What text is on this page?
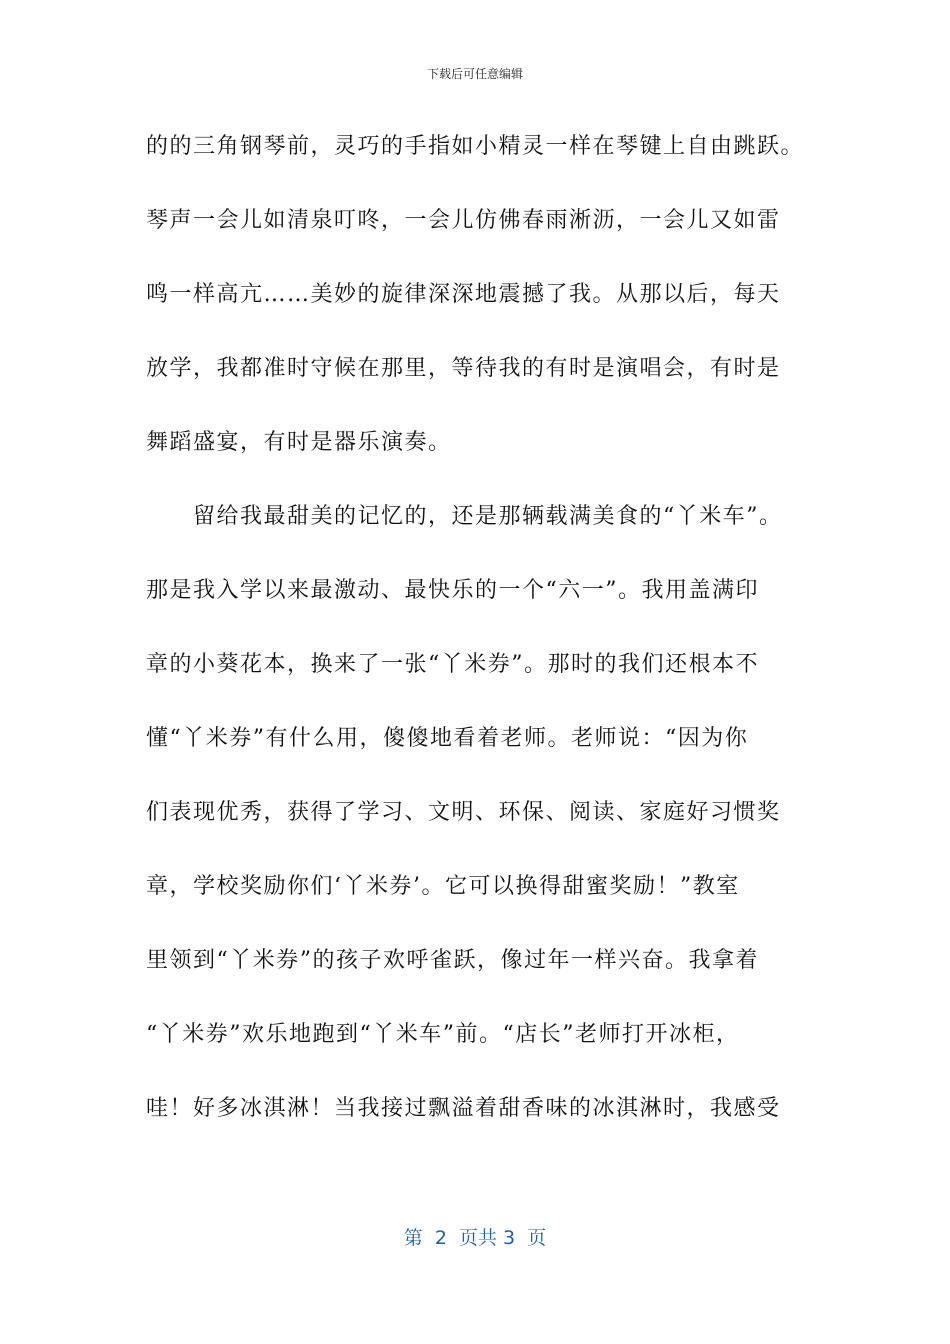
下载后可任意编辑
的的三角钢琴前，灵巧的手指如小精灵一样在琴键上自由跳跃。
琴声一会儿如清泉叮咚，一会儿仿佛春雨淅沥，一会儿又如雷
鸣一样高亢……美妙的旋律深深地震撼了我。从那以后，每天
放学，我都准时守候在那里，等待我的有时是演唱会，有时是
舞蹈盛宴，有时是器乐演奏。
留给我最甜美的记忆的，还是那辆载满美食的“丫米车”。
那是我入学以来最激动、最快乐的一个“六一”。我用盖满印
章的小葵花本，换来了一张“丫米券”。那时的我们还根本不
懂“丫米券”有什么用，傻傻地看着老师。老师说：“因为你
们表现优秀，获得了学习、文明、环保、阅读、家庭好习惯奖
章，学校奖励你们‘丫米券’。它可以换得甜蜜奖励！”教室
里领到“丫米券”的孩子欢呼雀跃，像过年一样兴奋。我拿着
“丫米券”欢乐地跑到“丫米车”前。“店长”老师打开冰柜，
哇！好多冰淇淋！当我接过飘溢着甜香味的冰淇淋时，我感受
第  2  页共 3  页
